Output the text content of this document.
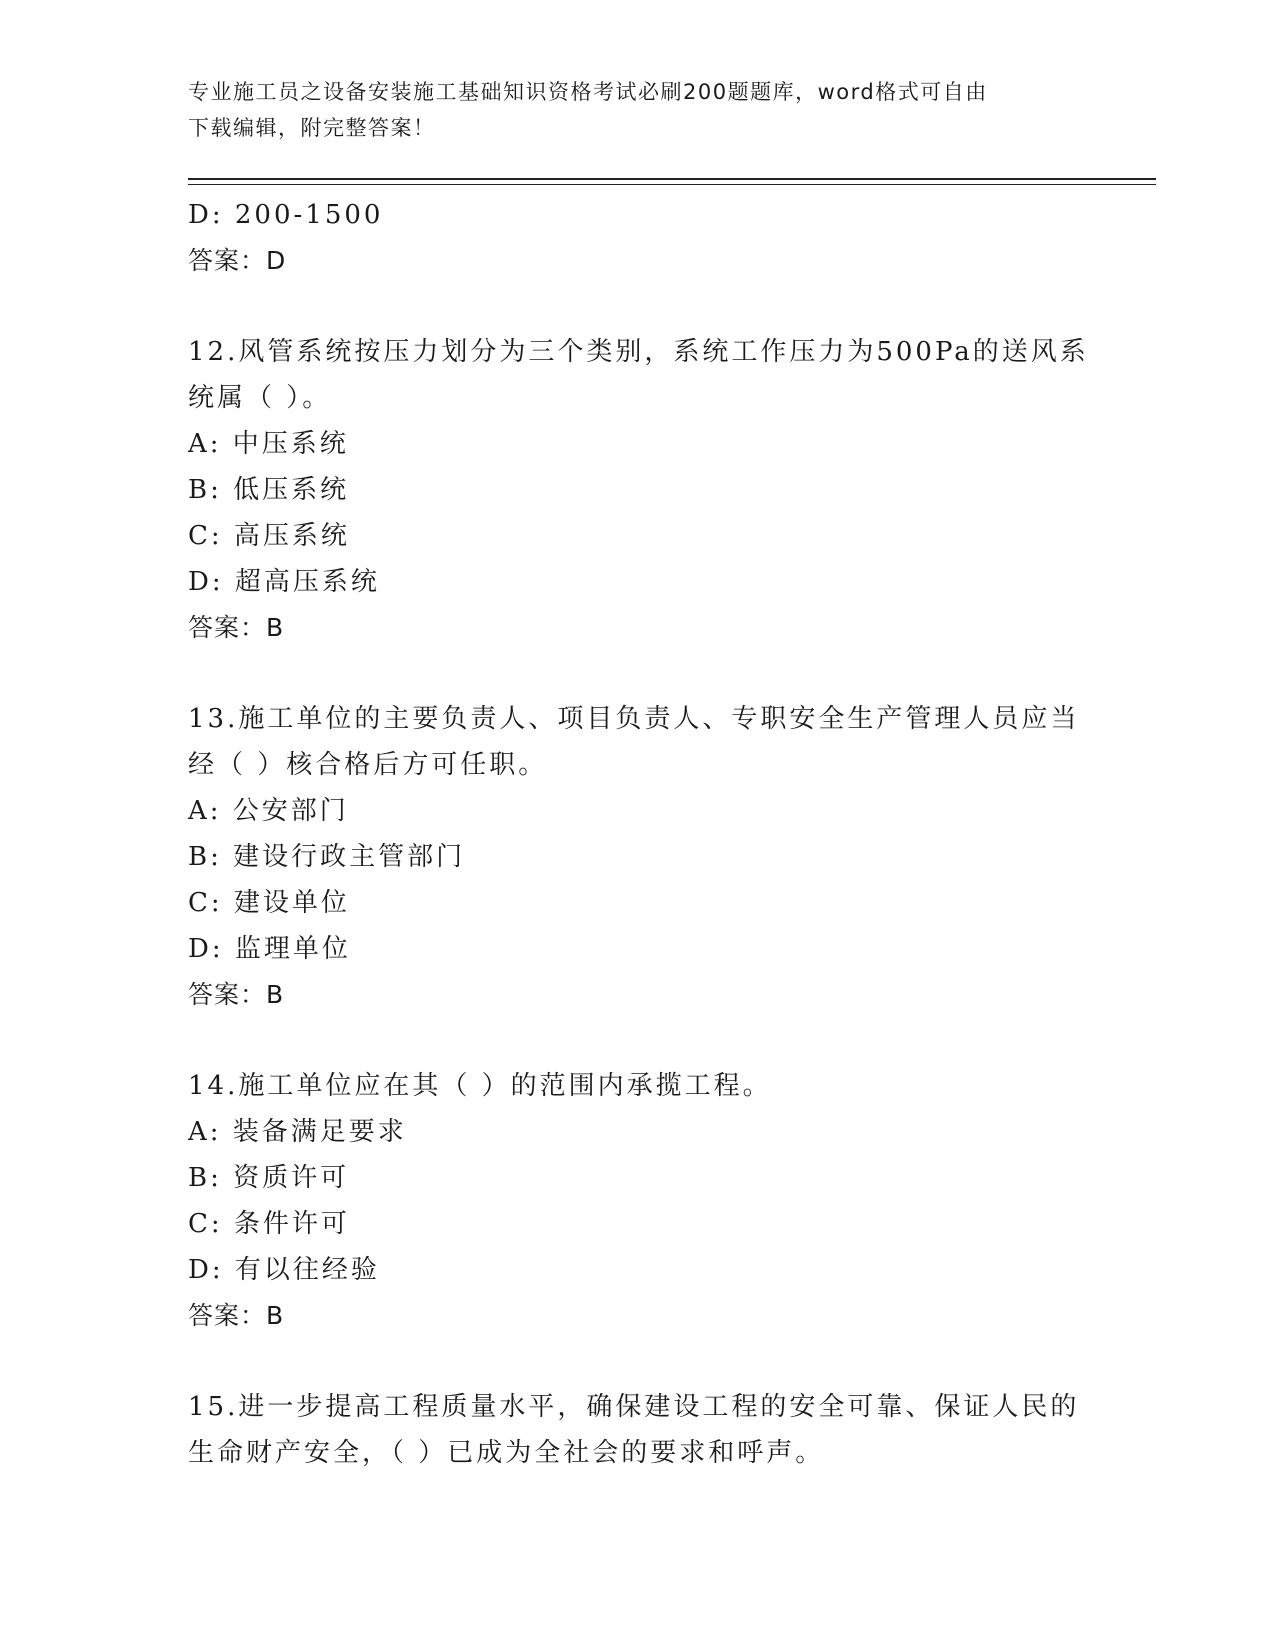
专业施工员之设备安装施工基础知识资格考试必刷200题题库，word格式可自由
下载编辑，附完整答案！
D: 200-1500
答案：D
12.风管系统按压力划分为三个类别，系统工作压力为500Pa的送风系
统属（ ）。
A: 中压系统
B: 低压系统
C: 高压系统
D: 超高压系统
答案：B
13.施工单位的主要负责人、项目负责人、专职安全生产管理人员应当
经（ ）核合格后方可任职。
A: 公安部门
B: 建设行政主管部门
C: 建设单位
D: 监理单位
答案：B
14.施工单位应在其（ ）的范围内承揽工程。
A: 装备满足要求
B: 资质许可
C: 条件许可
D: 有以往经验
答案：B
15.进一步提高工程质量水平，确保建设工程的安全可靠、保证人民的
生命财产安全，（ ）已成为全社会的要求和呼声。
